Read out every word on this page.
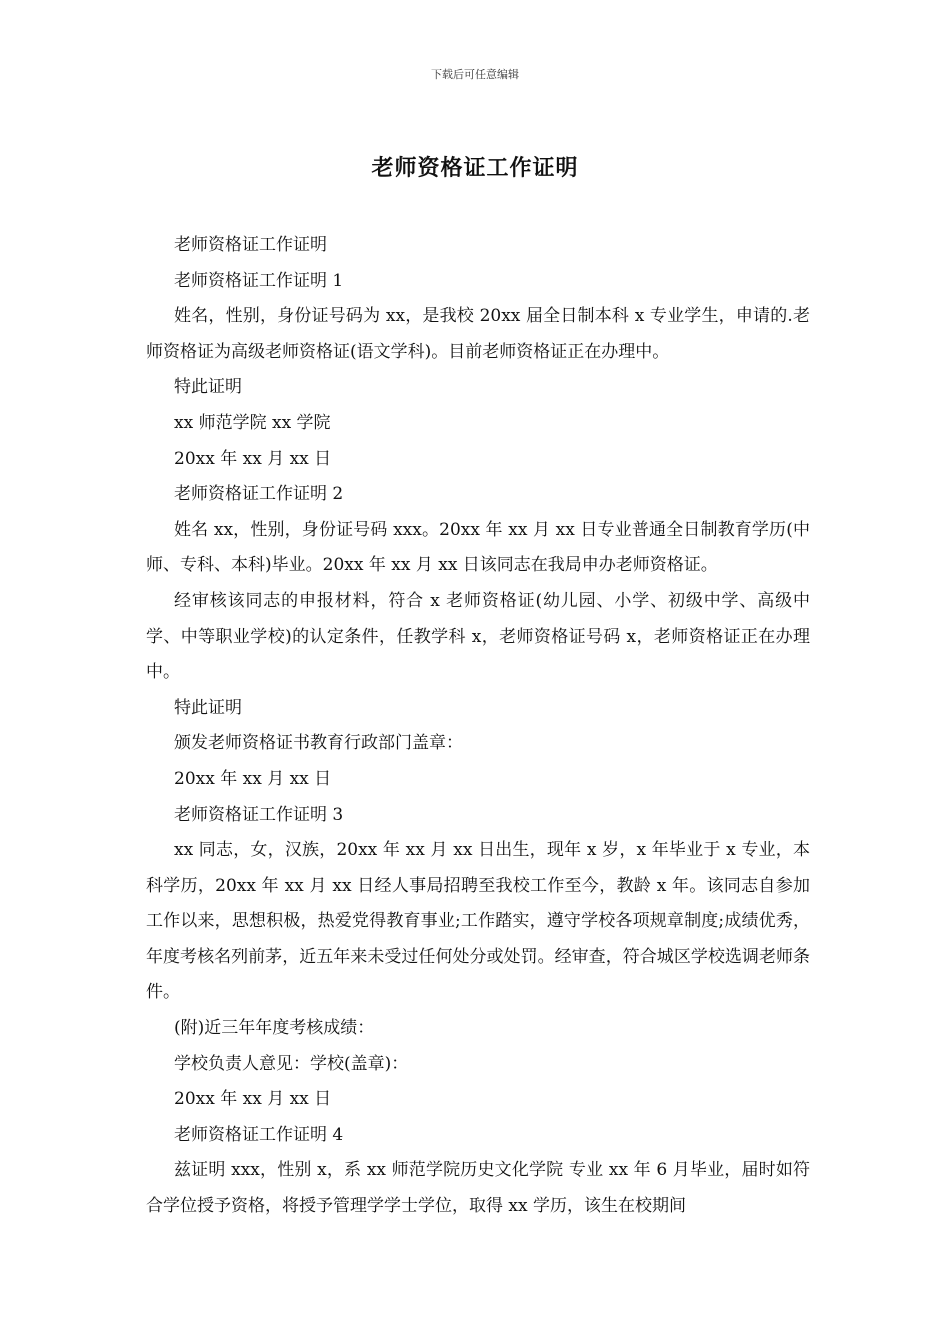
下载后可任意编辑
老师资格证工作证明

老师资格证工作证明

老师资格证工作证明 1

姓名，性别，身份证号码为 xx，是我校 20xx 届全日制本科 x 专业学生，申请的.老师资格证为高级老师资格证(语文学科)。目前老师资格证正在办理中。

特此证明

xx 师范学院 xx 学院

20xx 年 xx 月 xx 日

老师资格证工作证明 2

姓名 xx，性别，身份证号码 xxx。20xx 年 xx 月 xx 日专业普通全日制教育学历(中师、专科、本科)毕业。20xx 年 xx 月 xx 日该同志在我局申办老师资格证。

经审核该同志的申报材料，符合 x 老师资格证(幼儿园、小学、初级中学、高级中学、中等职业学校)的认定条件，任教学科 x，老师资格证号码 x，老师资格证正在办理中。

特此证明

颁发老师资格证书教育行政部门盖章：

20xx 年 xx 月 xx 日

老师资格证工作证明 3

xx 同志，女，汉族，20xx 年 xx 月 xx 日出生，现年 x 岁，x 年毕业于 x 专业，本科学历，20xx 年 xx 月 xx 日经人事局招聘至我校工作至今，教龄 x 年。该同志自参加工作以来，思想积极，热爱党得教育事业;工作踏实，遵守学校各项规章制度;成绩优秀，年度考核名列前茅，近五年来未受过任何处分或处罚。经审查，符合城区学校选调老师条件。

(附)近三年年度考核成绩：

学校负责人意见：学校(盖章)：

20xx 年 xx 月 xx 日

老师资格证工作证明 4

兹证明 xxx，性别 x，系 xx 师范学院历史文化学院 专业 xx 年 6 月毕业，届时如符合学位授予资格，将授予管理学学士学位，取得 xx 学历，该生在校期间
